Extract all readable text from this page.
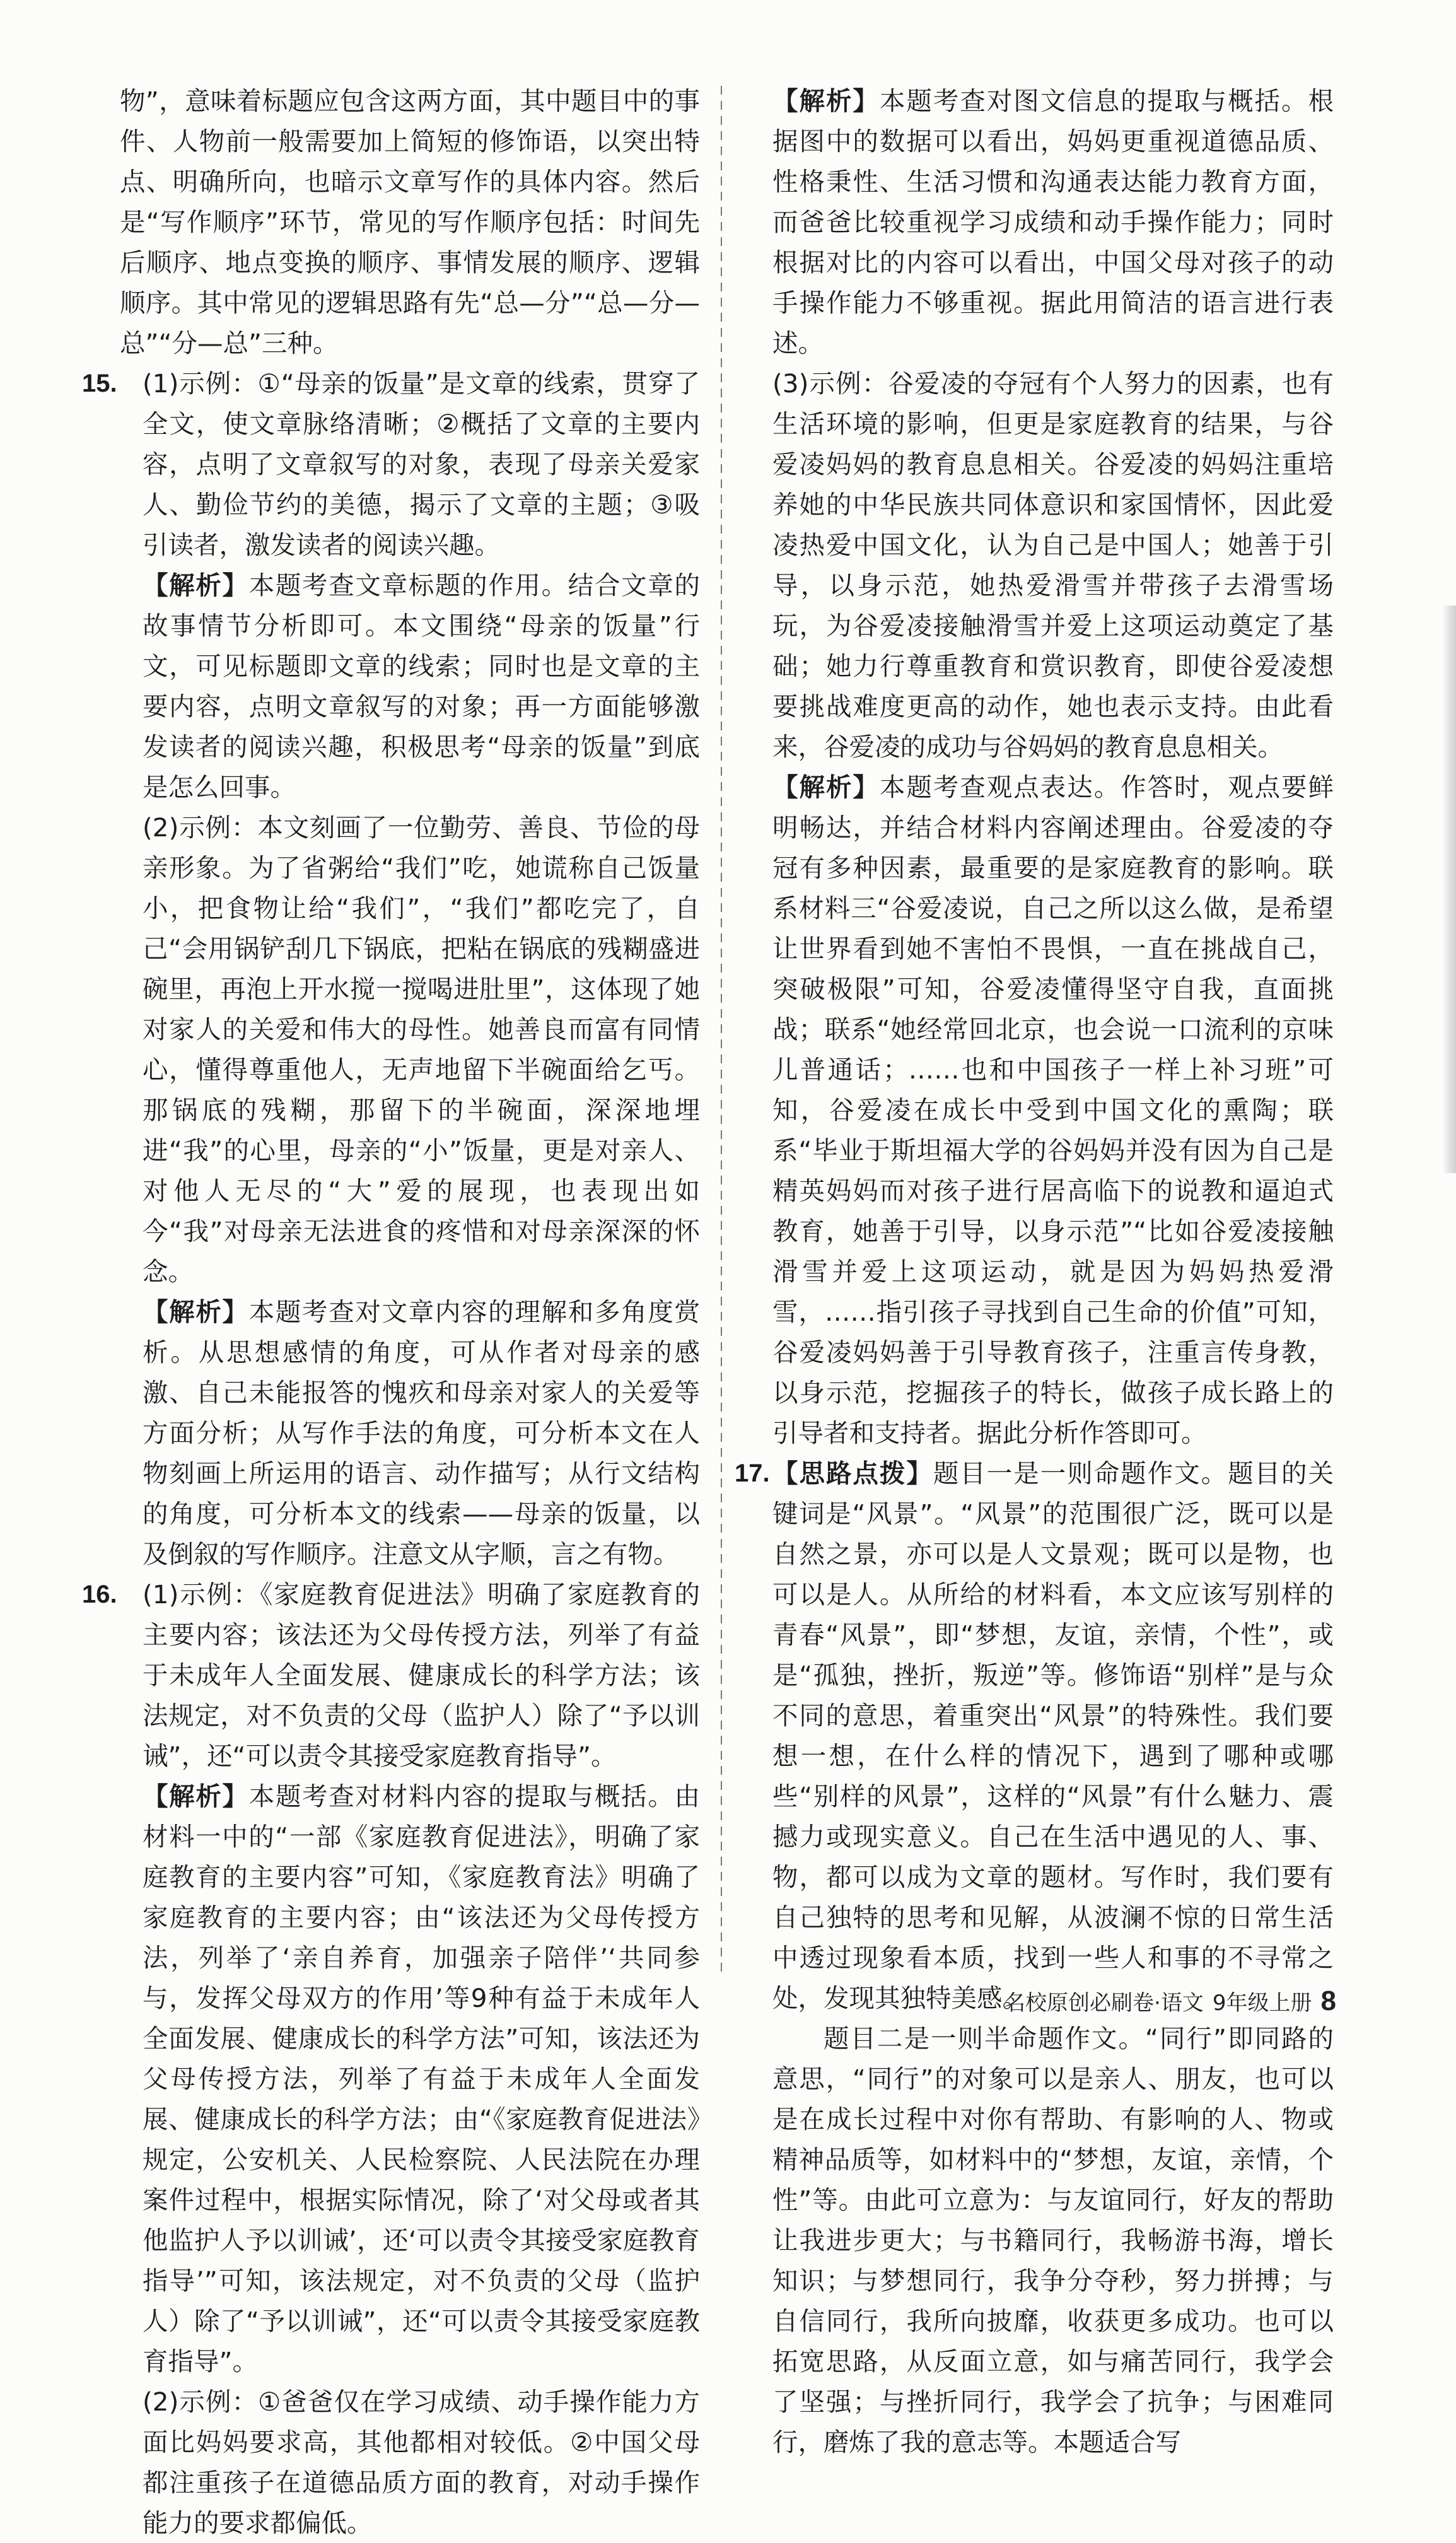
物”，意味着标题应包含这两方面，其中题目中的事件、人物前一般需要加上简短的修饰语，以突出特点、明确所向，也暗示文章写作的具体内容。然后是“写作顺序”环节，常见的写作顺序包括：时间先后顺序、地点变换的顺序、事情发展的顺序、逻辑顺序。其中常见的逻辑思路有先“总—分”“总—分—总”“分—总”三种。

15. (1)示例：①“母亲的饭量”是文章的线索，贯穿了全文，使文章脉络清晰；②概括了文章的主要内容，点明了文章叙写的对象，表现了母亲关爱家人、勤俭节约的美德，揭示了文章的主题；③吸引读者，激发读者的阅读兴趣。

【解析】本题考查文章标题的作用。结合文章的故事情节分析即可。本文围绕“母亲的饭量”行文，可见标题即文章的线索；同时也是文章的主要内容，点明文章叙写的对象；再一方面能够激发读者的阅读兴趣，积极思考“母亲的饭量”到底是怎么回事。

(2)示例：本文刻画了一位勤劳、善良、节俭的母亲形象。为了省粥给“我们”吃，她谎称自己饭量小，把食物让给“我们”，“我们”都吃完了，自己“会用锅铲刮几下锅底，把粘在锅底的残糊盛进碗里，再泡上开水搅一搅喝进肚里”，这体现了她对家人的关爱和伟大的母性。她善良而富有同情心，懂得尊重他人，无声地留下半碗面给乞丐。那锅底的残糊，那留下的半碗面，深深地埋进“我”的心里，母亲的“小”饭量，更是对亲人、对他人无尽的“大”爱的展现，也表现出如今“我”对母亲无法进食的疼惜和对母亲深深的怀念。

【解析】本题考查对文章内容的理解和多角度赏析。从思想感情的角度，可从作者对母亲的感激、自己未能报答的愧疚和母亲对家人的关爱等方面分析；从写作手法的角度，可分析本文在人物刻画上所运用的语言、动作描写；从行文结构的角度，可分析本文的线索——母亲的饭量，以及倒叙的写作顺序。注意文从字顺，言之有物。

16. (1)示例：《家庭教育促进法》明确了家庭教育的主要内容；该法还为父母传授方法，列举了有益于未成年人全面发展、健康成长的科学方法；该法规定，对不负责的父母（监护人）除了“予以训诫”，还“可以责令其接受家庭教育指导”。

【解析】本题考查对材料内容的提取与概括。由材料一中的“一部《家庭教育促进法》，明确了家庭教育的主要内容”可知，《家庭教育法》明确了家庭教育的主要内容；由“该法还为父母传授方法，列举了‘亲自养育，加强亲子陪伴’‘共同参与，发挥父母双方的作用’等9种有益于未成年人全面发展、健康成长的科学方法”可知，该法还为父母传授方法，列举了有益于未成年人全面发展、健康成长的科学方法；由“《家庭教育促进法》规定，公安机关、人民检察院、人民法院在办理案件过程中，根据实际情况，除了‘对父母或者其他监护人予以训诫’，还‘可以责令其接受家庭教育指导’”可知，该法规定，对不负责的父母（监护人）除了“予以训诫”，还“可以责令其接受家庭教育指导”。

(2)示例：①爸爸仅在学习成绩、动手操作能力方面比妈妈要求高，其他都相对较低。②中国父母都注重孩子在道德品质方面的教育，对动手操作能力的要求都偏低。

【解析】本题考查对图文信息的提取与概括。根据图中的数据可以看出，妈妈更重视道德品质、性格秉性、生活习惯和沟通表达能力教育方面，而爸爸比较重视学习成绩和动手操作能力；同时根据对比的内容可以看出，中国父母对孩子的动手操作能力不够重视。据此用简洁的语言进行表述。

(3)示例：谷爱凌的夺冠有个人努力的因素，也有生活环境的影响，但更是家庭教育的结果，与谷爱凌妈妈的教育息息相关。谷爱凌的妈妈注重培养她的中华民族共同体意识和家国情怀，因此爱凌热爱中国文化，认为自己是中国人；她善于引导，以身示范，她热爱滑雪并带孩子去滑雪场玩，为谷爱凌接触滑雪并爱上这项运动奠定了基础；她力行尊重教育和赏识教育，即使谷爱凌想要挑战难度更高的动作，她也表示支持。由此看来，谷爱凌的成功与谷妈妈的教育息息相关。

【解析】本题考查观点表达。作答时，观点要鲜明畅达，并结合材料内容阐述理由。谷爱凌的夺冠有多种因素，最重要的是家庭教育的影响。联系材料三“谷爱凌说，自己之所以这么做，是希望让世界看到她不害怕不畏惧，一直在挑战自己，突破极限”可知，谷爱凌懂得坚守自我，直面挑战；联系“她经常回北京，也会说一口流利的京味儿普通话；……也和中国孩子一样上补习班”可知，谷爱凌在成长中受到中国文化的熏陶；联系“毕业于斯坦福大学的谷妈妈并没有因为自己是精英妈妈而对孩子进行居高临下的说教和逼迫式教育，她善于引导，以身示范”“比如谷爱凌接触滑雪并爱上这项运动，就是因为妈妈热爱滑雪，……指引孩子寻找到自己生命的价值”可知，谷爱凌妈妈善于引导教育孩子，注重言传身教，以身示范，挖掘孩子的特长，做孩子成长路上的引导者和支持者。据此分析作答即可。

17. 【思路点拨】题目一是一则命题作文。题目的关键词是“风景”。“风景”的范围很广泛，既可以是自然之景，亦可以是人文景观；既可以是物，也可以是人。从所给的材料看，本文应该写别样的青春“风景”，即“梦想，友谊，亲情，个性”，或是“孤独，挫折，叛逆”等。修饰语“别样”是与众不同的意思，着重突出“风景”的特殊性。我们要想一想，在什么样的情况下，遇到了哪种或哪些“别样的风景”，这样的“风景”有什么魅力、震撼力或现实意义。自己在生活中遇见的人、事、物，都可以成为文章的题材。写作时，我们要有自己独特的思考和见解，从波澜不惊的日常生活中透过现象看本质，找到一些人和事的不寻常之处，发现其独特美感。

题目二是一则半命题作文。“同行”即同路的意思，“同行”的对象可以是亲人、朋友，也可以是在成长过程中对你有帮助、有影响的人、物或精神品质等，如材料中的“梦想，友谊，亲情，个性”等。由此可立意为：与友谊同行，好友的帮助让我进步更大；与书籍同行，我畅游书海，增长知识；与梦想同行，我争分夺秒，努力拼搏；与自信同行，我所向披靡，收获更多成功。也可以拓宽思路，从反面立意，如与痛苦同行，我学会了坚强；与挫折同行，我学会了抗争；与困难同行，磨炼了我的意志等。本题适合写

名校原创必刷卷·语文 9年级上册 8
